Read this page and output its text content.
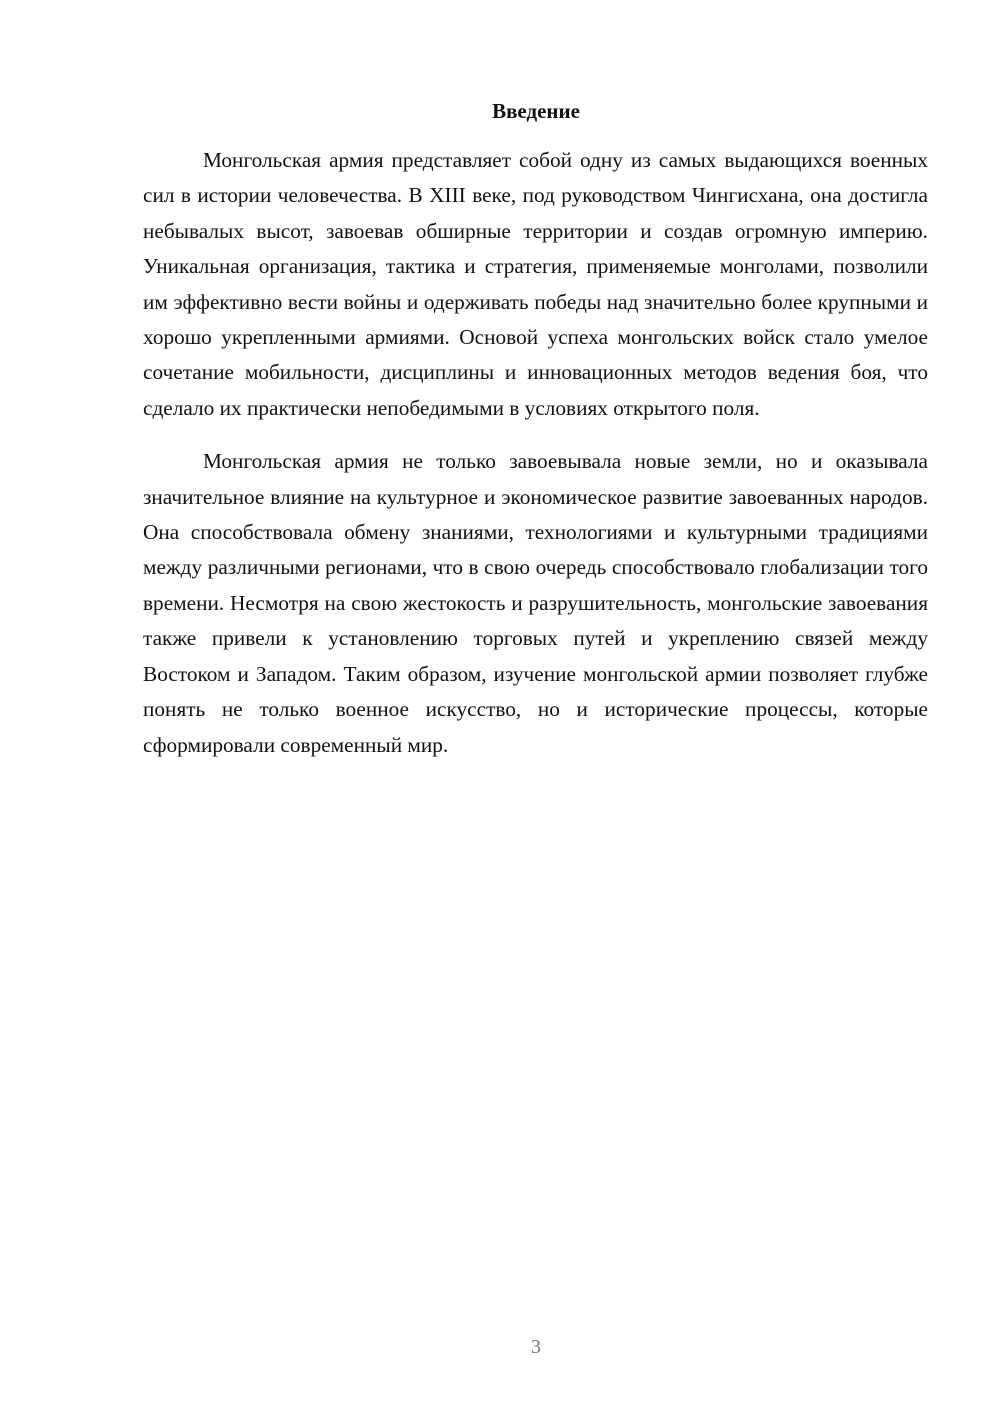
Введение

Монгольская армия представляет собой одну из самых выдающихся военных сил в истории человечества. В XIII веке, под руководством Чингисхана, она достигла небывалых высот, завоевав обширные территории и создав огромную империю. Уникальная организация, тактика и стратегия, применяемые монголами, позволили им эффективно вести войны и одерживать победы над значительно более крупными и хорошо укрепленными армиями. Основой успеха монгольских войск стало умелое сочетание мобильности, дисциплины и инновационных методов ведения боя, что сделало их практически непобедимыми в условиях открытого поля.

Монгольская армия не только завоевывала новые земли, но и оказывала значительное влияние на культурное и экономическое развитие завоеванных народов. Она способствовала обмену знаниями, технологиями и культурными традициями между различными регионами, что в свою очередь способствовало глобализации того времени. Несмотря на свою жестокость и разрушительность, монгольские завоевания также привели к установлению торговых путей и укреплению связей между Востоком и Западом. Таким образом, изучение монгольской армии позволяет глубже понять не только военное искусство, но и исторические процессы, которые сформировали современный мир.

3
